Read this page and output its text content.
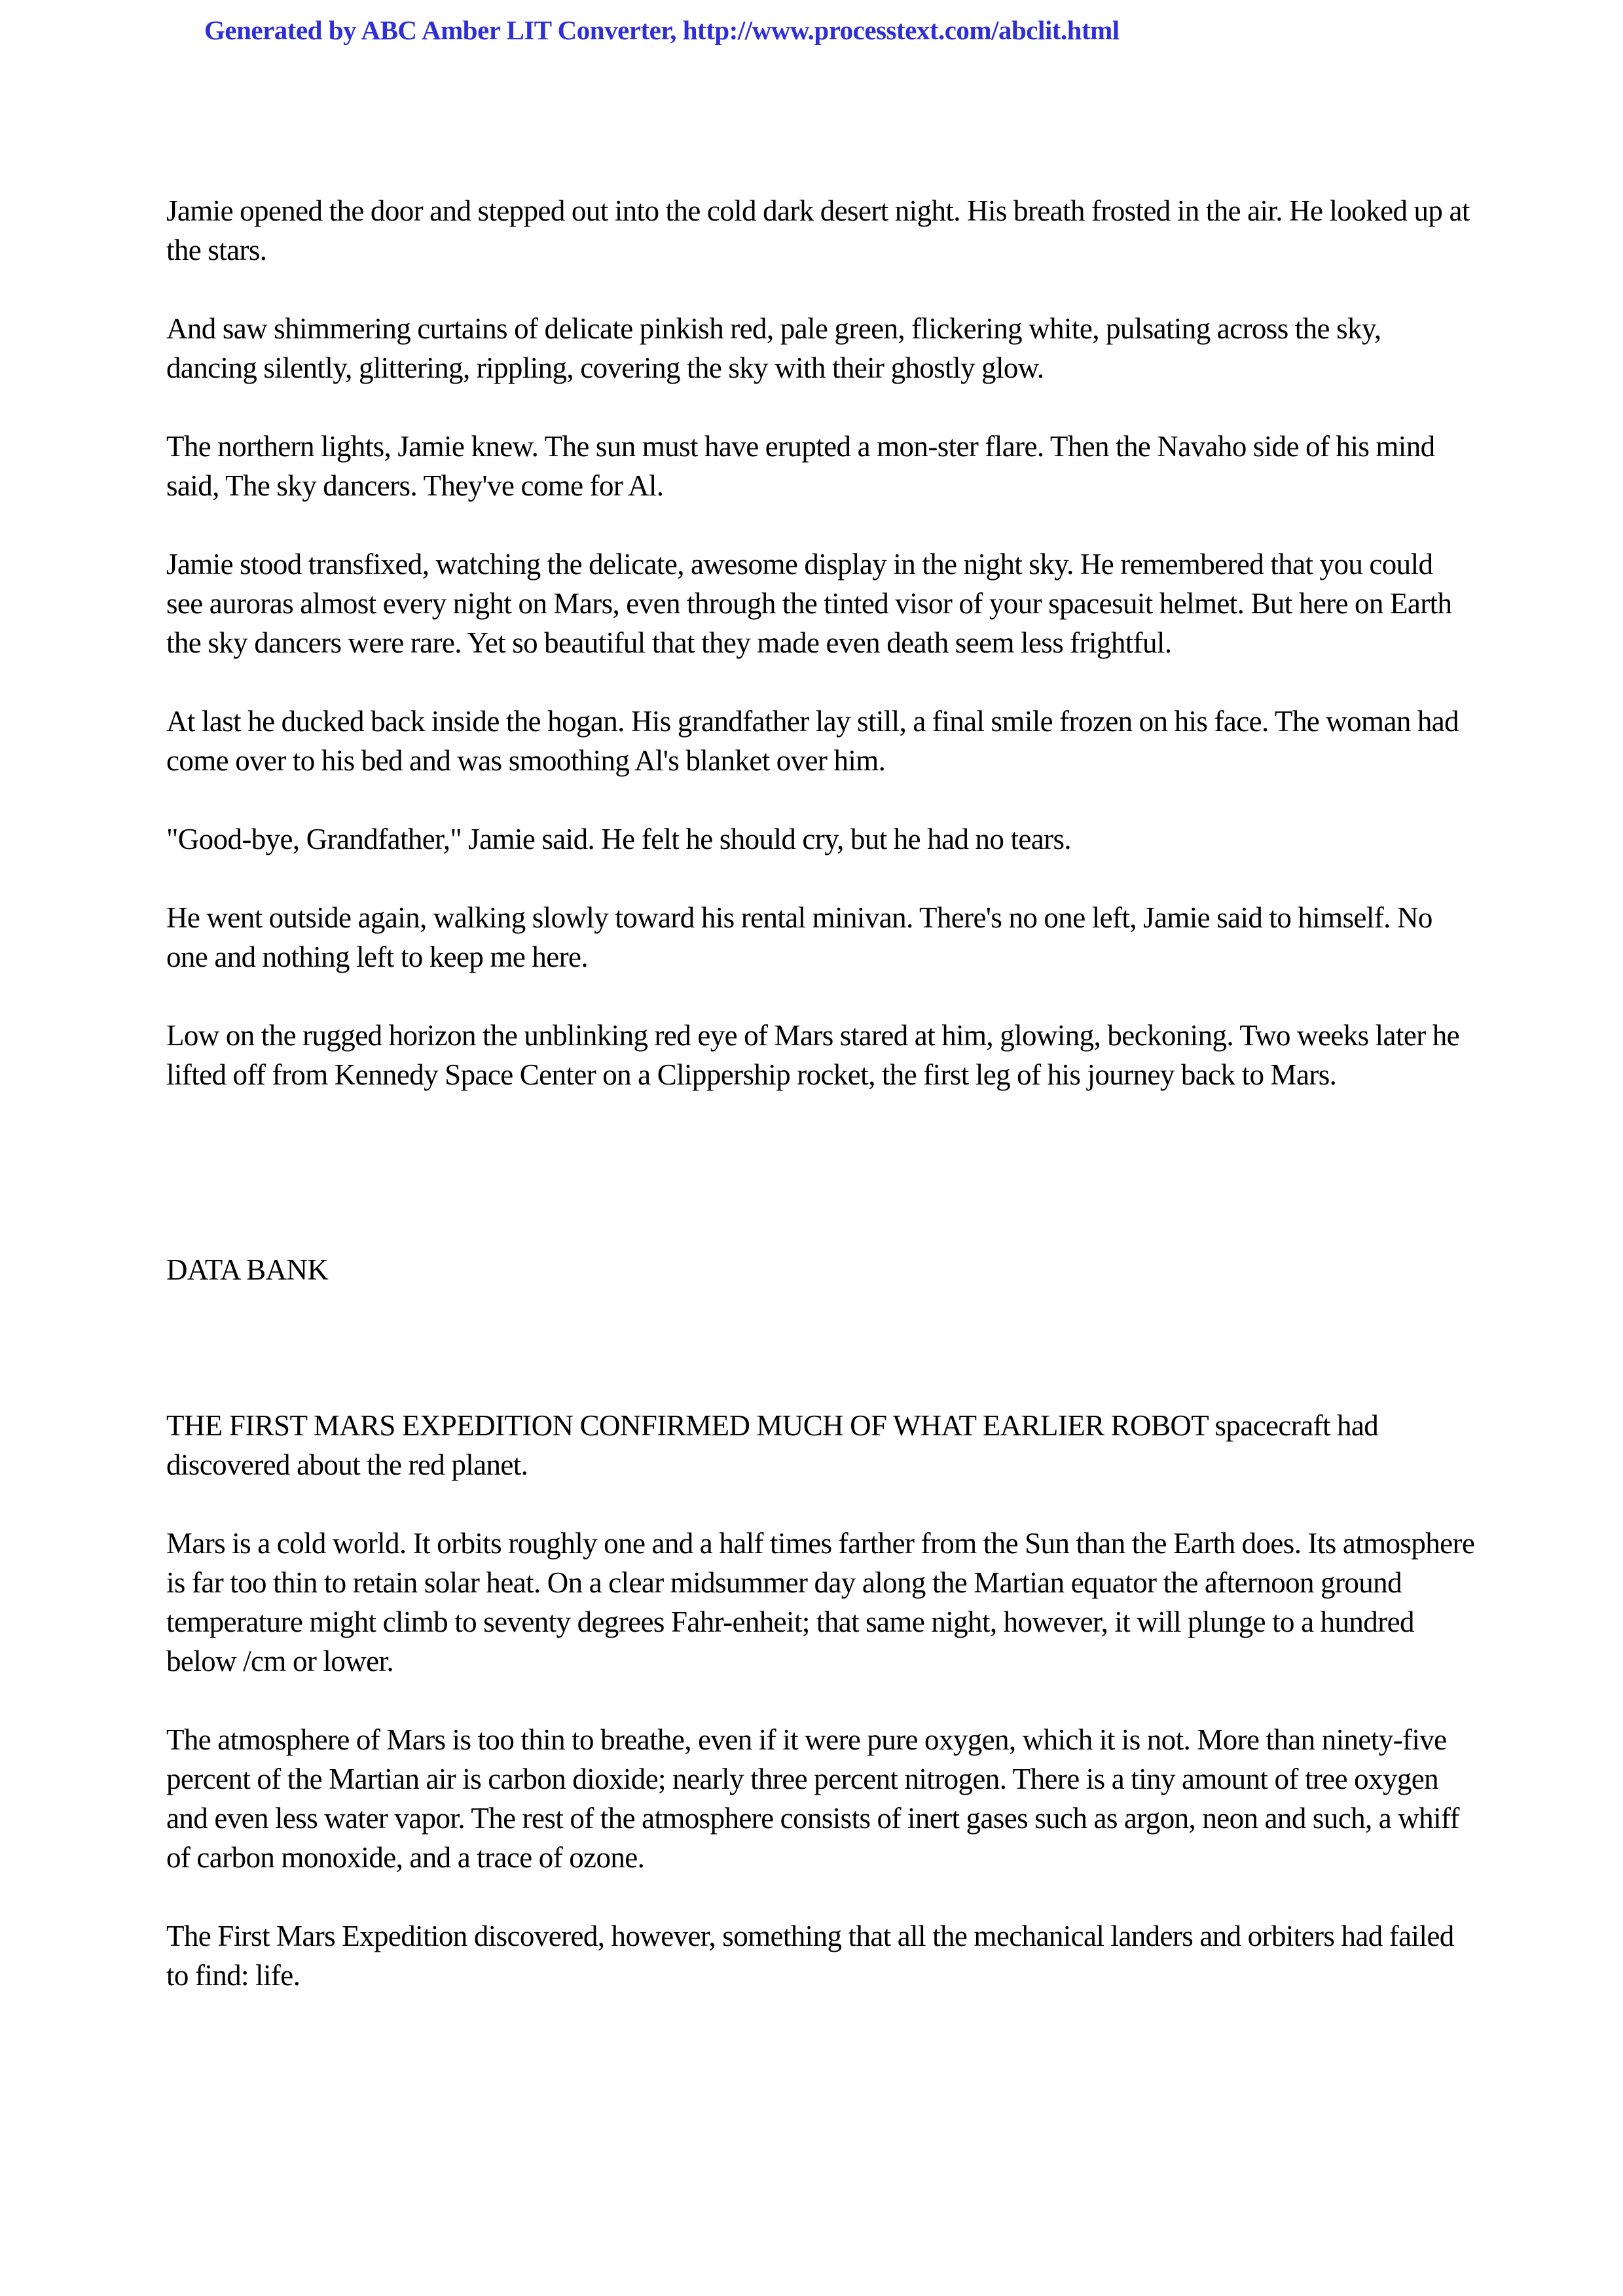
Generated by ABC Amber LIT Converter, http://www.processtext.com/abclit.html

Jamie opened the door and stepped out into the cold dark desert night. His breath frosted in the air. He looked up at the stars.

And saw shimmering curtains of delicate pinkish red, pale green, flickering white, pulsating across the sky, dancing silently, glittering, rippling, covering the sky with their ghostly glow.

The northern lights, Jamie knew. The sun must have erupted a mon-ster flare. Then the Navaho side of his mind said, The sky dancers. They've come for Al.

Jamie stood transfixed, watching the delicate, awesome display in the night sky. He remembered that you could see auroras almost every night on Mars, even through the tinted visor of your spacesuit helmet. But here on Earth the sky dancers were rare. Yet so beautiful that they made even death seem less frightful.

At last he ducked back inside the hogan. His grandfather lay still, a final smile frozen on his face. The woman had come over to his bed and was smoothing Al's blanket over him.

"Good-bye, Grandfather," Jamie said. He felt he should cry, but he had no tears.

He went outside again, walking slowly toward his rental minivan. There's no one left, Jamie said to himself. No one and nothing left to keep me here.

Low on the rugged horizon the unblinking red eye of Mars stared at him, glowing, beckoning. Two weeks later he lifted off from Kennedy Space Center on a Clippership rocket, the first leg of his journey back to Mars.

DATA BANK

THE FIRST MARS EXPEDITION CONFIRMED MUCH OF WHAT EARLIER ROBOT spacecraft had discovered about the red planet.

Mars is a cold world. It orbits roughly one and a half times farther from the Sun than the Earth does. Its atmosphere is far too thin to retain solar heat. On a clear midsummer day along the Martian equator the afternoon ground temperature might climb to seventy degrees Fahr-enheit; that same night, however, it will plunge to a hundred below /cm or lower.

The atmosphere of Mars is too thin to breathe, even if it were pure oxygen, which it is not. More than ninety-five percent of the Martian air is carbon dioxide; nearly three percent nitrogen. There is a tiny amount of tree oxygen and even less water vapor. The rest of the atmosphere consists of inert gases such as argon, neon and such, a whiff of carbon monoxide, and a trace of ozone.

The First Mars Expedition discovered, however, something that all the mechanical landers and orbiters had failed to find: life.
